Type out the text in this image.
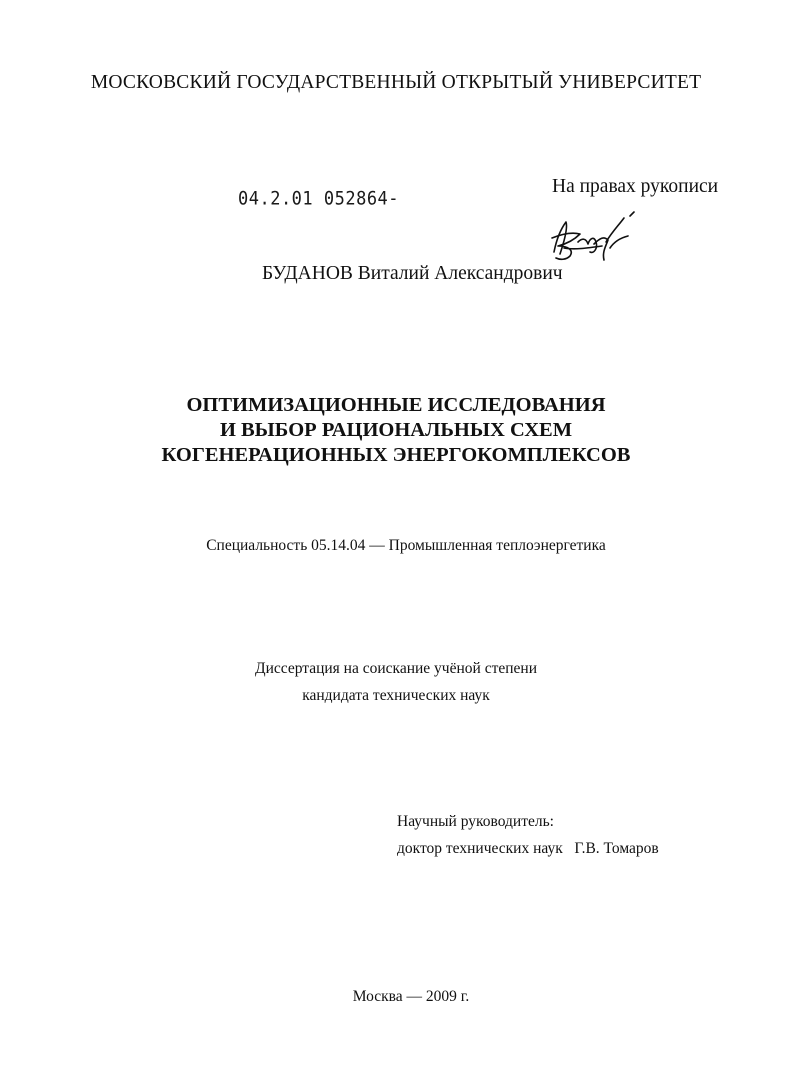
МОСКОВСКИЙ ГОСУДАРСТВЕННЫЙ ОТКРЫТЫЙ УНИВЕРСИТЕТ
04.2.01 052864-
На правах рукописи
БУДАНОВ Виталий Александрович
ОПТИМИЗАЦИОННЫЕ ИССЛЕДОВАНИЯ
И ВЫБОР РАЦИОНАЛЬНЫХ СХЕМ
КОГЕНЕРАЦИОННЫХ ЭНЕРГОКОМПЛЕКСОВ
Специальность 05.14.04 — Промышленная теплоэнергетика
Диссертация на соискание учёной степени
кандидата технических наук
Научный руководитель:
доктор технических наук   Г.В. Томаров
Москва — 2009 г.
